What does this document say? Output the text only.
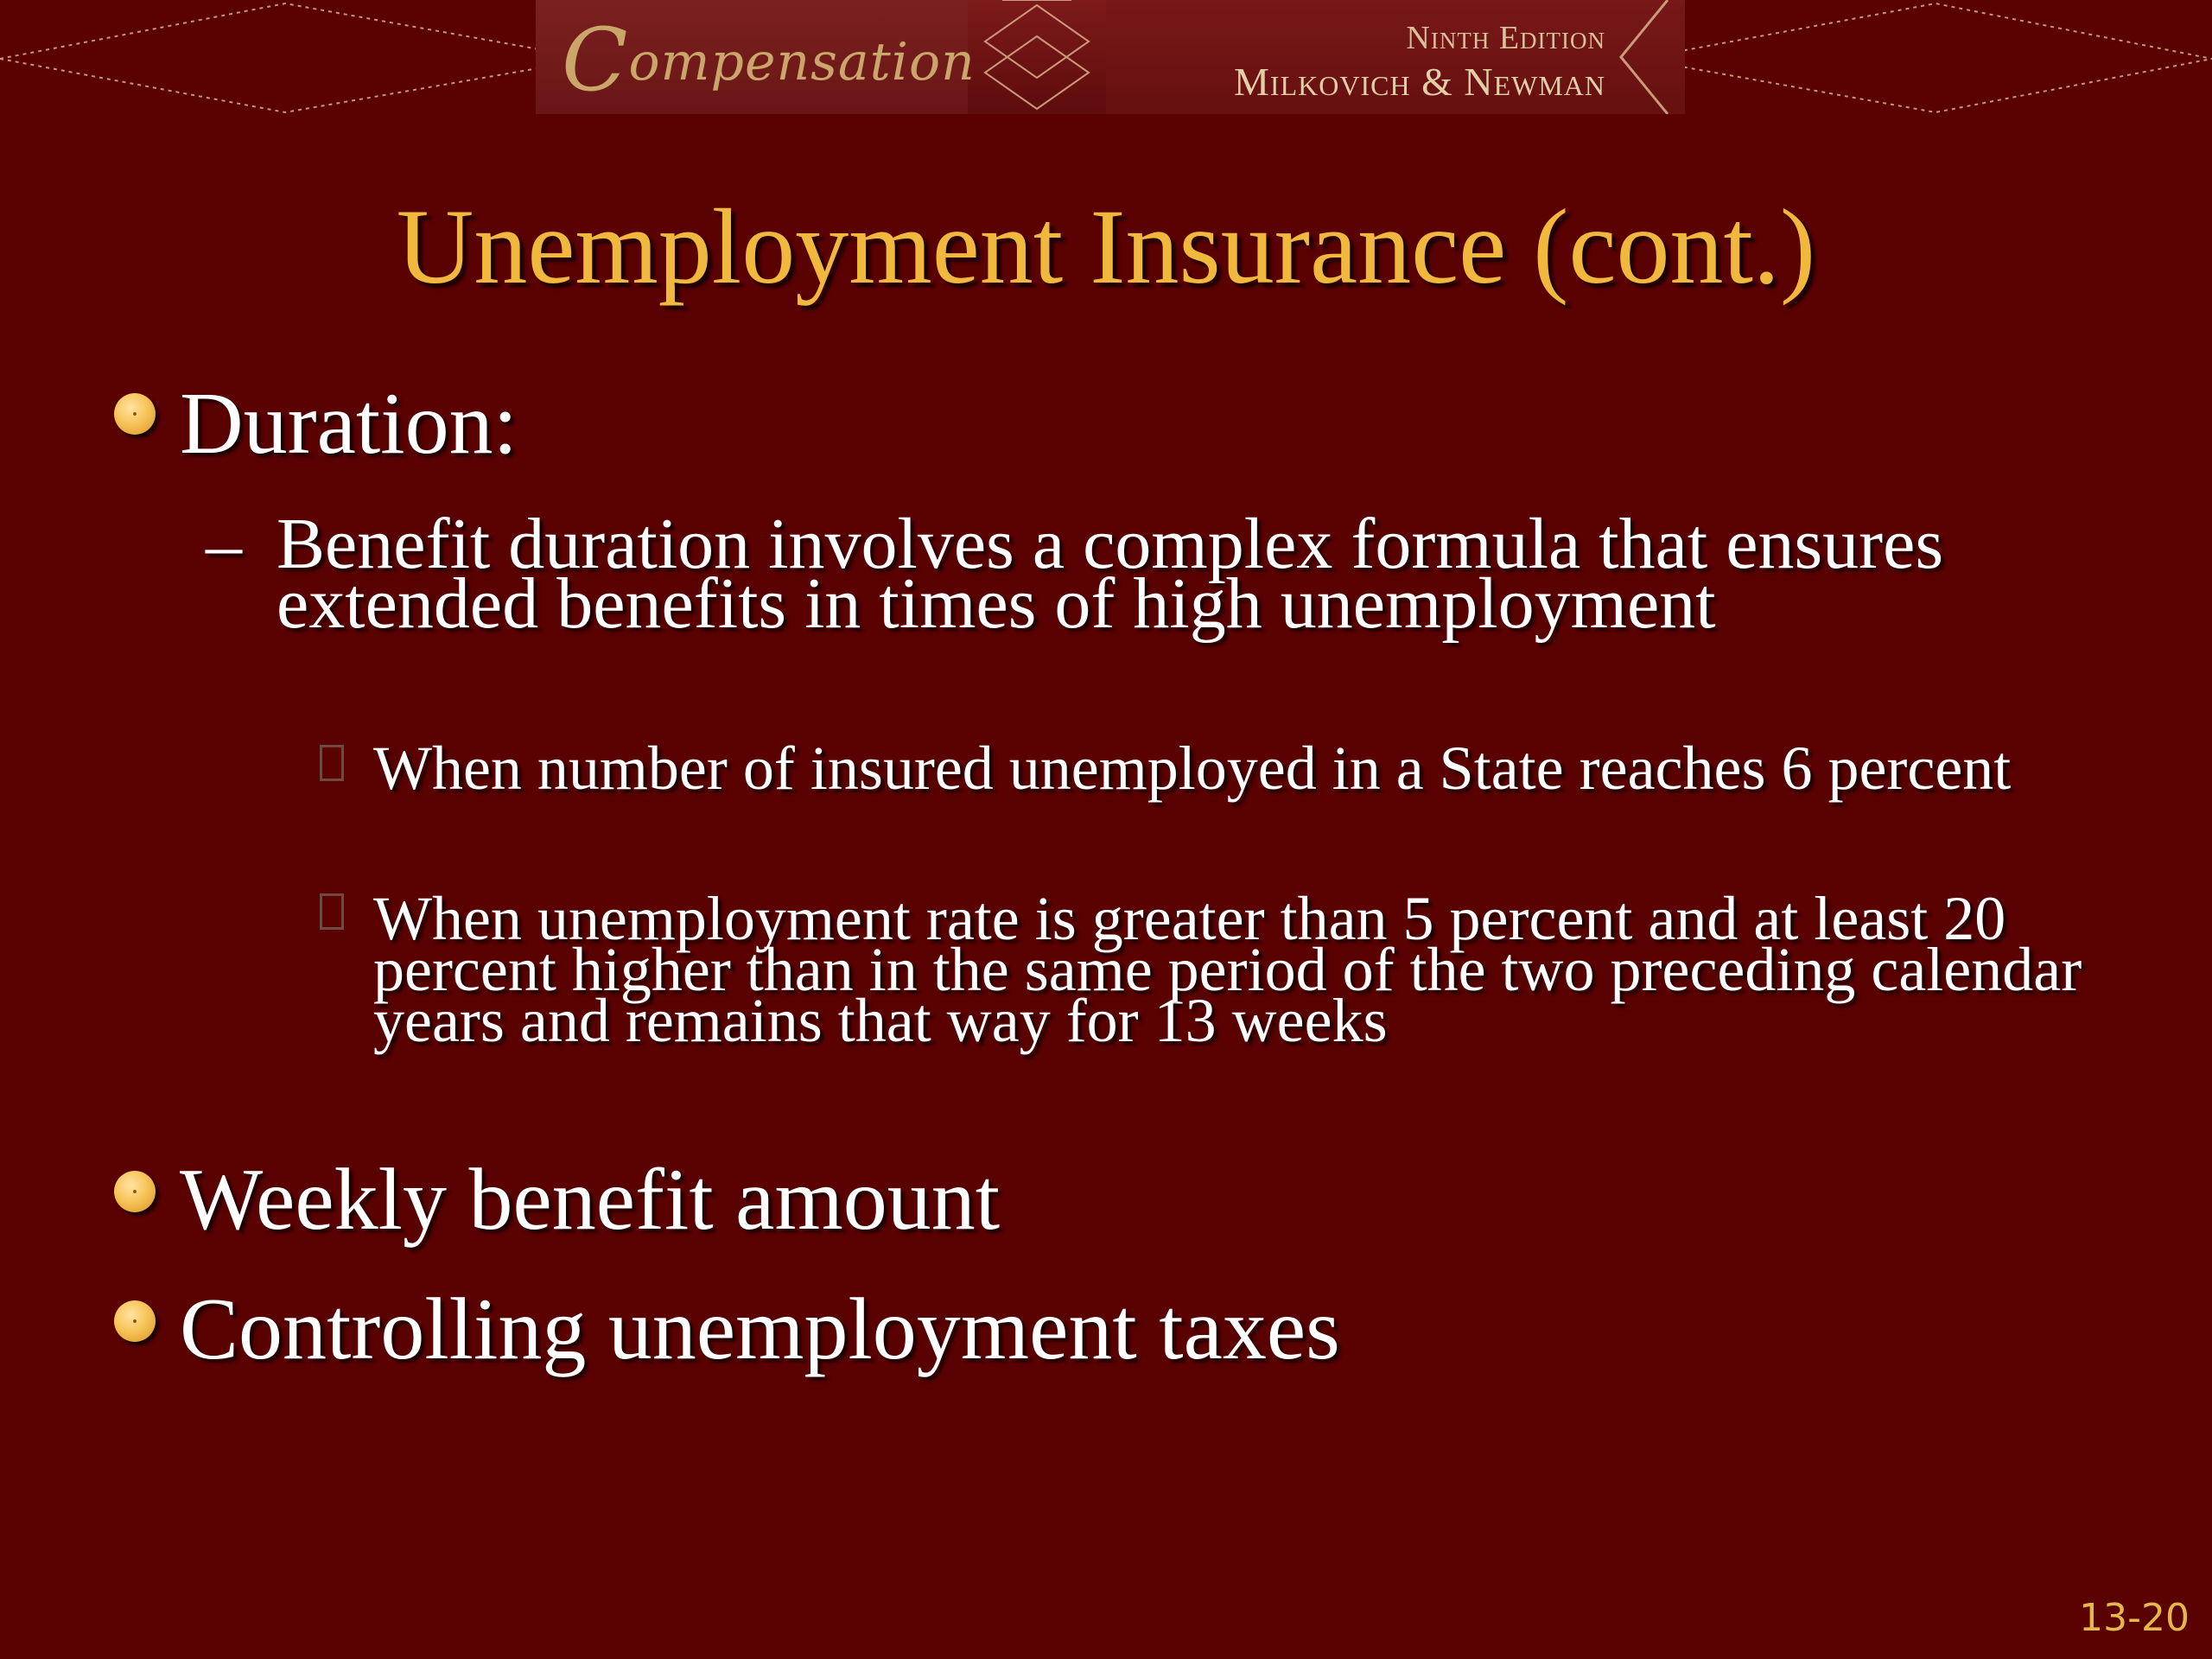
Compensation	Ninth Edition
Milkovich & Newman
Unemployment Insurance (cont.)
Duration:
– Benefit duration involves a complex formula that ensures extended benefits in times of high unemployment
When number of insured unemployed in a State reaches 6 percent
When unemployment rate is greater than 5 percent and at least 20 percent higher than in the same period of the two preceding calendar years and remains that way for 13 weeks
Weekly benefit amount
Controlling unemployment taxes
13-20
